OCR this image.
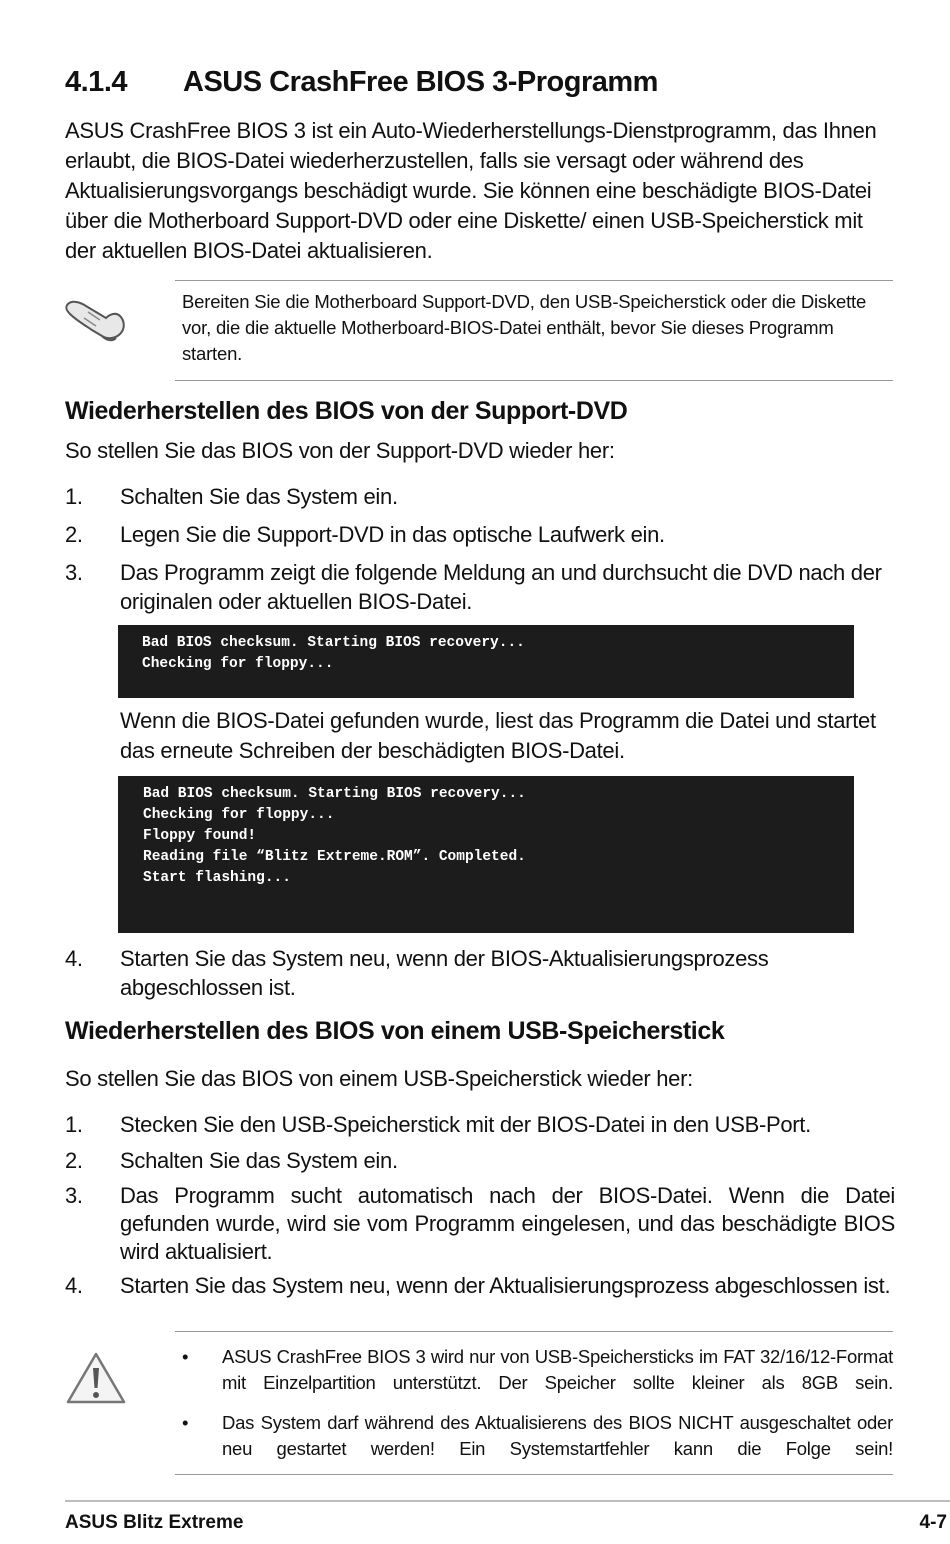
4.1.4 ASUS CrashFree BIOS 3-Programm

ASUS CrashFree BIOS 3 ist ein Auto-Wiederherstellungs-Dienstprogramm, das Ihnen erlaubt, die BIOS-Datei wiederherzustellen, falls sie versagt oder während des Aktualisierungsvorgangs beschädigt wurde. Sie können eine beschädigte BIOS-Datei über die Motherboard Support-DVD oder eine Diskette/ einen USB-Speicherstick mit der aktuellen BIOS-Datei aktualisieren.

Bereiten Sie die Motherboard Support-DVD, den USB-Speicherstick oder die Diskette vor, die die aktuelle Motherboard-BIOS-Datei enthält, bevor Sie dieses Programm starten.

Wiederherstellen des BIOS von der Support-DVD

So stellen Sie das BIOS von der Support-DVD wieder her:

1. Schalten Sie das System ein.
2. Legen Sie die Support-DVD in das optische Laufwerk ein.
3. Das Programm zeigt die folgende Meldung an und durchsucht die DVD nach der originalen oder aktuellen BIOS-Datei.
Bad BIOS checksum. Starting BIOS recovery...
Checking for floppy...

Wenn die BIOS-Datei gefunden wurde, liest das Programm die Datei und startet das erneute Schreiben der beschädigten BIOS-Datei.

Bad BIOS checksum. Starting BIOS recovery...
Checking for floppy...
Floppy found!
Reading file “Blitz Extreme.ROM”. Completed.
Start flashing...
4. Starten Sie das System neu, wenn der BIOS-Aktualisierungsprozess abgeschlossen ist.
Wiederherstellen des BIOS von einem USB-Speicherstick

So stellen Sie das BIOS von einem USB-Speicherstick wieder her:

1. Stecken Sie den USB-Speicherstick mit der BIOS-Datei in den USB-Port.
2. Schalten Sie das System ein.
3. Das Programm sucht automatisch nach der BIOS-Datei. Wenn die Datei gefunden wurde, wird sie vom Programm eingelesen, und das beschädigte BIOS wird aktualisiert.
4. Starten Sie das System neu, wenn der Aktualisierungsprozess abgeschlossen ist.
• ASUS CrashFree BIOS 3 wird nur von USB-Speichersticks im FAT 32/16/12-Format mit Einzelpartition unterstützt. Der Speicher sollte kleiner als 8GB sein.
• Das System darf während des Aktualisierens des BIOS NICHT ausgeschaltet oder neu gestartet werden! Ein Systemstartfehler kann die Folge sein!
ASUS Blitz Extreme	4-7
